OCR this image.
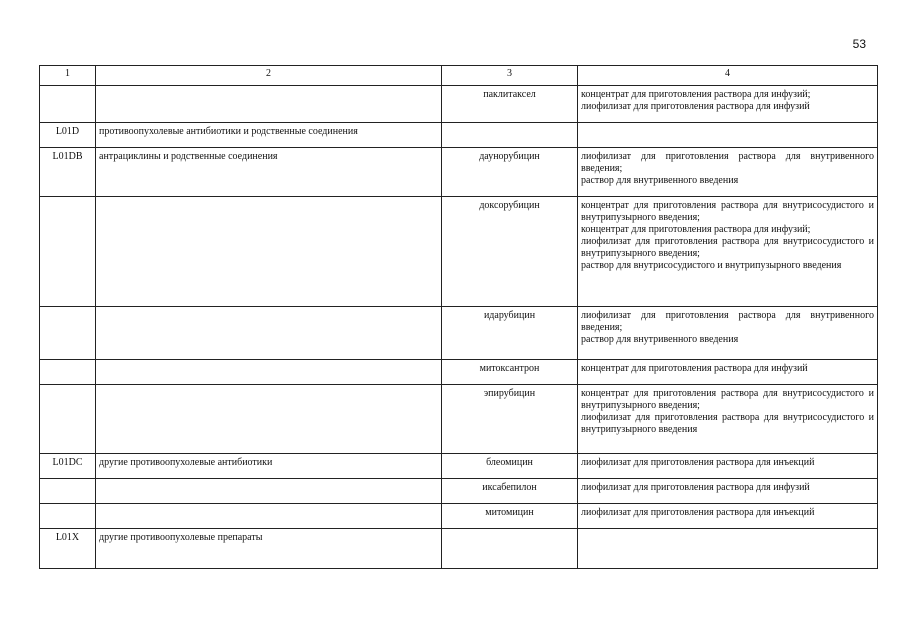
53
1	2	3	4
		паклитаксел	концентрат для приготовления раствора для инфузий;
лиофилизат для приготовления раствора для инфузий

L01D	противоопухолевые антибиотики и родственные соединения		
L01DB	антрациклины и родственные соединения	даунорубицин	лиофилизат для приготовления раствора для внутривенного введения;
раствор для внутривенного введения

		доксорубицин	концентрат для приготовления раствора для внутрисосудистого и внутрипузырного введения;
концентрат для приготовления раствора для инфузий;
лиофилизат для приготовления раствора для внутрисосудистого и внутрипузырного введения;
раствор для внутрисосудистого и внутрипузырного введения

		идарубицин	лиофилизат для приготовления раствора для внутривенного введения;
раствор для внутривенного введения

		митоксантрон	концентрат для приготовления раствора для инфузий

		эпирубицин	концентрат для приготовления раствора для внутрисосудистого и внутрипузырного введения;
лиофилизат для приготовления раствора для внутрисосудистого и внутрипузырного введения

L01DC	другие противоопухолевые антибиотики	блеомицин	лиофилизат для приготовления раствора для инъекций

		иксабепилон	лиофилизат для приготовления раствора для инфузий

		митомицин	лиофилизат для приготовления раствора для инъекций

L01X	другие противоопухолевые препараты		
